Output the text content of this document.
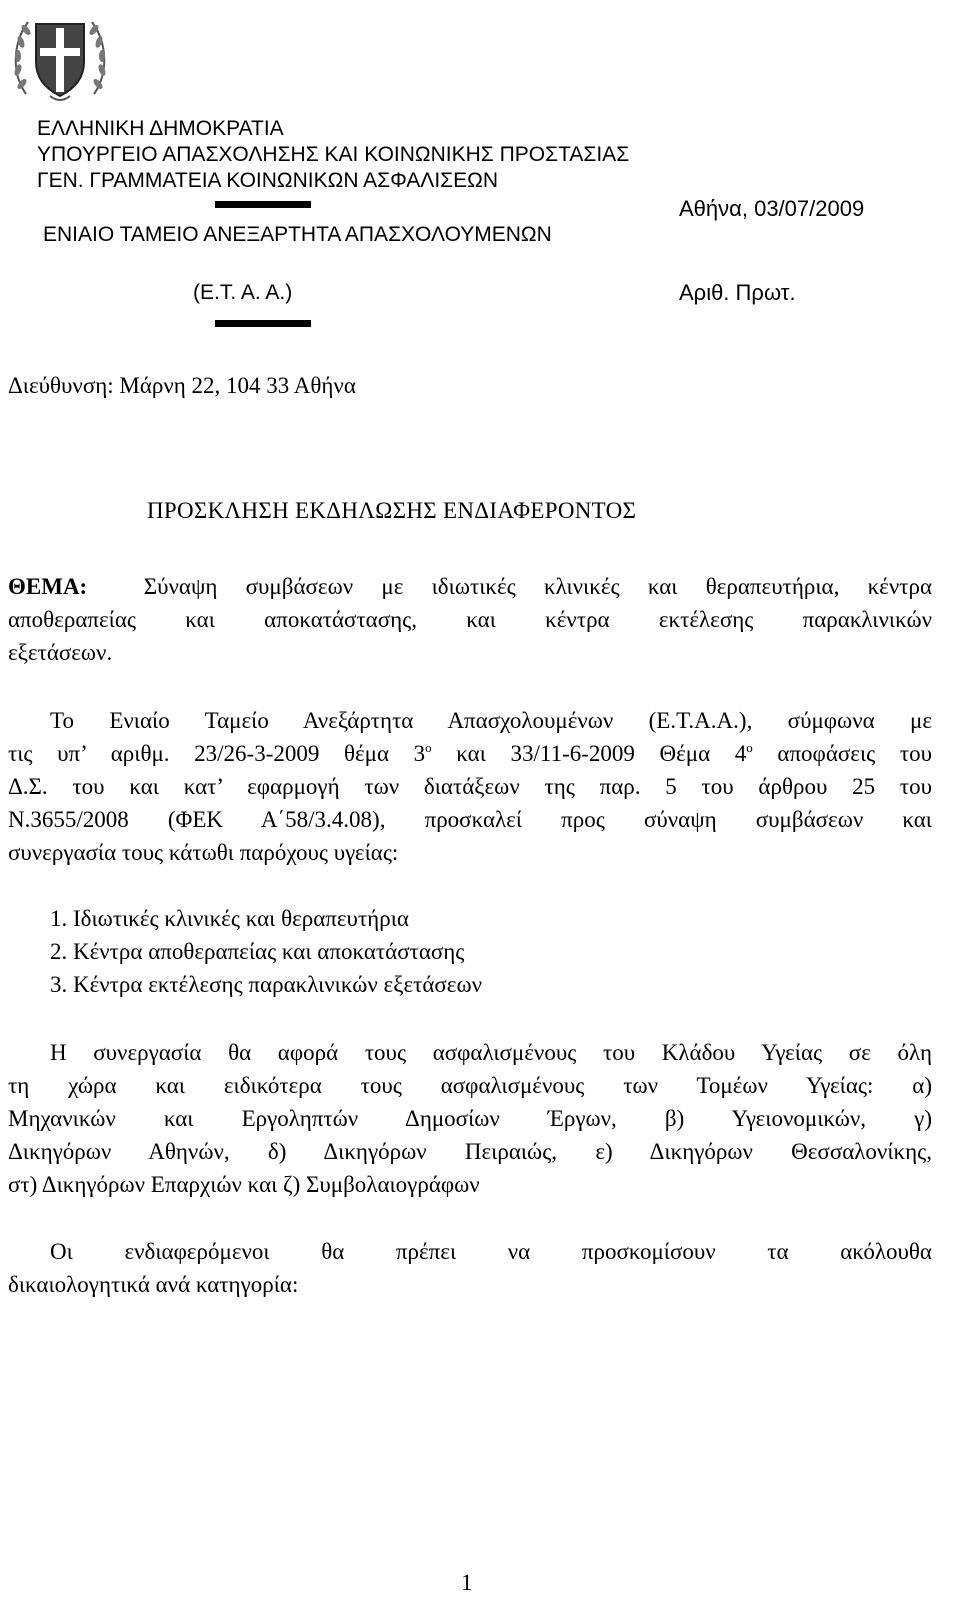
ΕΛΛΗΝΙΚΗ ΔΗΜΟΚΡΑΤΙΑ
ΥΠΟΥΡΓΕΙΟ ΑΠΑΣΧΟΛΗΣΗΣ ΚΑΙ ΚΟΙΝΩΝΙΚΗΣ ΠΡΟΣΤΑΣΙΑΣ
ΓΕΝ. ΓΡΑΜΜΑΤΕΙΑ ΚΟΙΝΩΝΙΚΩΝ ΑΣΦΑΛΙΣΕΩΝ
ΕΝΙΑΙΟ ΤΑΜΕΙΟ ΑΝΕΞΑΡΤΗΤΑ ΑΠΑΣΧΟΛΟΥΜΕΝΩΝ
(Ε.Τ. Α. Α.)
Αθήνα, 03/07/2009
Αριθ. Πρωτ.
Διεύθυνση: Μάρνη 22, 104 33 Αθήνα
ΠΡΟΣΚΛΗΣΗ ΕΚΔΗΛΩΣΗΣ ΕΝΔΙΑΦΕΡΟΝΤΟΣ
ΘΕΜΑ: Σύναψη συμβάσεων με ιδιωτικές κλινικές και θεραπευτήρια, κέντρα
αποθεραπείας και αποκατάστασης, και κέντρα εκτέλεσης παρακλινικών
εξετάσεων.
Το Ενιαίο Ταμείο Ανεξάρτητα Απασχολουμένων (Ε.Τ.Α.Α.), σύμφωνα με
τις υπ’ αριθμ. 23/26-3-2009 θέμα $3^o$ και 33/11-6-2009 Θέμα $4^o$ αποφάσεις του
Δ.Σ. του και κατ’ εφαρμογή των διατάξεων της παρ. 5 του άρθρου 25 του
Ν.3655/2008 (ΦΕΚ Α΄58/3.4.08), προσκαλεί προς σύναψη συμβάσεων και
συνεργασία τους κάτωθι παρόχους υγείας:
1. Ιδιωτικές κλινικές και θεραπευτήρια
2. Κέντρα αποθεραπείας και αποκατάστασης
3. Κέντρα εκτέλεσης παρακλινικών εξετάσεων
Η συνεργασία θα αφορά τους ασφαλισμένους του Κλάδου Υγείας σε όλη
τη χώρα και ειδικότερα τους ασφαλισμένους των Τομέων Υγείας: α)
Μηχανικών και Εργοληπτών Δημοσίων Έργων, β) Υγειονομικών, γ)
Δικηγόρων Αθηνών, δ) Δικηγόρων Πειραιώς, ε) Δικηγόρων Θεσσαλονίκης,
στ) Δικηγόρων Επαρχιών και ζ) Συμβολαιογράφων
Οι ενδιαφερόμενοι θα πρέπει να προσκομίσουν τα ακόλουθα
δικαιολογητικά ανά κατηγορία:
1
